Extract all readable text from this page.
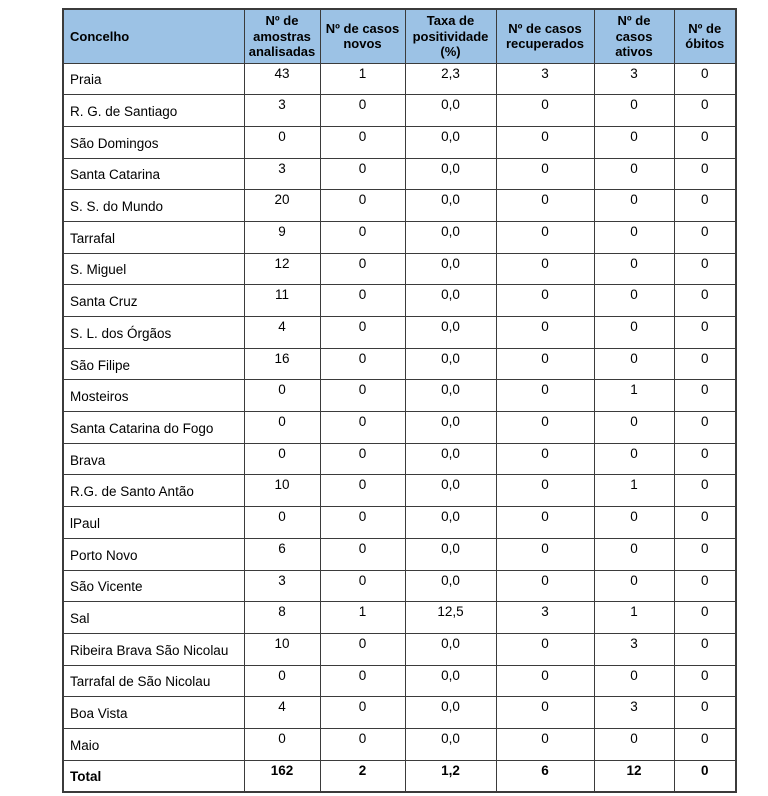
Concelho	Nº de amostras analisadas	Nº de casos novos	Taxa de positividade (%)	Nº de casos recuperados	Nº de casos ativos	Nº de óbitos
Praia	43	1	2,3	3	3	0
R. G. de Santiago	3	0	0,0	0	0	0
São Domingos	0	0	0,0	0	0	0
Santa Catarina	3	0	0,0	0	0	0
S. S. do Mundo	20	0	0,0	0	0	0
Tarrafal	9	0	0,0	0	0	0
S. Miguel	12	0	0,0	0	0	0
Santa Cruz	11	0	0,0	0	0	0
S. L. dos Órgãos	4	0	0,0	0	0	0
São Filipe	16	0	0,0	0	0	0
Mosteiros	0	0	0,0	0	1	0
Santa Catarina do Fogo	0	0	0,0	0	0	0
Brava	0	0	0,0	0	0	0
R.G. de Santo Antão	10	0	0,0	0	1	0
lPaul	0	0	0,0	0	0	0
Porto Novo	6	0	0,0	0	0	0
São Vicente	3	0	0,0	0	0	0
Sal	8	1	12,5	3	1	0
Ribeira Brava São Nicolau	10	0	0,0	0	3	0
Tarrafal de São Nicolau	0	0	0,0	0	0	0
Boa Vista	4	0	0,0	0	3	0
Maio	0	0	0,0	0	0	0
Total	162	2	1,2	6	12	0
